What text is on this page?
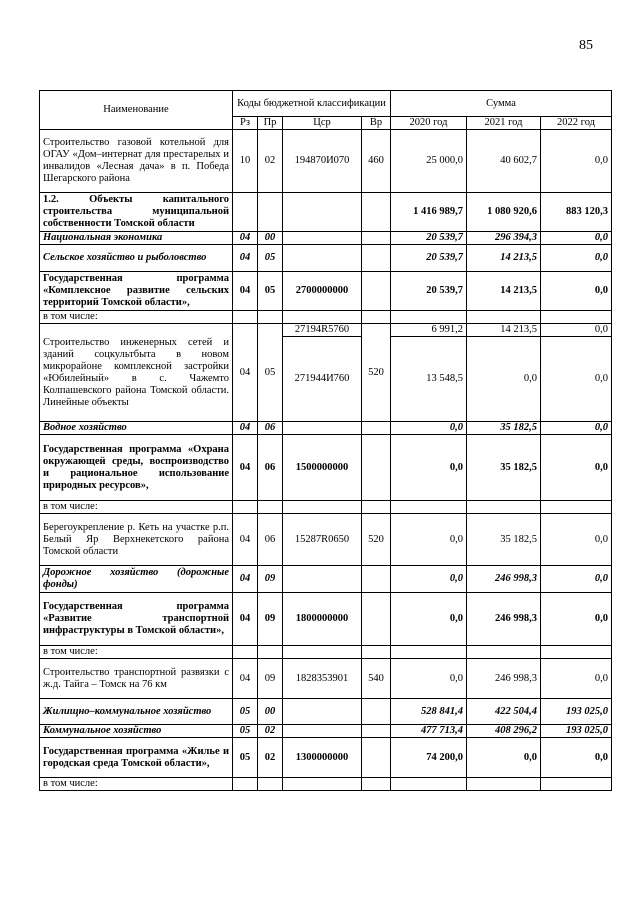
85
Наименование	Коды бюджетной классификации				Сумма		
	Рз	Пр	Цср	Вр	2020 год	2021 год	2022 год
Строительство газовой котельной для ОГАУ «Дом–интернат для престарелых и инвалидов «Лесная дача» в п. Победа Шегарского района	10	02	194870И070	460	25 000,0	40 602,7	0,0
1.2. Объекты капитального строительства муниципальной собственности Томской области					1 416 989,7	1 080 920,6	883 120,3
Национальная экономика	04	00			20 539,7	296 394,3	0,0
Сельское хозяйство и рыболовство	04	05			20 539,7	14 213,5	0,0
Государственная программа «Комплексное развитие сельских территорий Томской области»,	04	05	2700000000		20 539,7	14 213,5	0,0
в том числе:							
Строительство инженерных сетей и зданий соцкультбыта в новом микрорайоне комплексной застройки «Юбилейный» в с. Чажемто Колпашевского района Томской области. Линейные объекты	04	05	27194R5760	520	6 991,2	14 213,5	0,0
			271944И760		13 548,5	0,0	0,0
Водное хозяйство	04	06			0,0	35 182,5	0,0
Государственная программа «Охрана окружающей среды, воспроизводство и рациональное использование природных ресурсов»,	04	06	1500000000		0,0	35 182,5	0,0
в том числе:							
Берегоукрепление р. Кеть на участке р.п. Белый Яр Верхнекетского района Томской области	04	06	15287R0650	520	0,0	35 182,5	0,0
Дорожное хозяйство (дорожные фонды)	04	09			0,0	246 998,3	0,0
Государственная программа «Развитие транспортной инфраструктуры в Томской области»,	04	09	1800000000		0,0	246 998,3	0,0
в том числе:							
Строительство транспортной развязки с ж.д. Тайга – Томск на 76 км	04	09	1828353901	540	0,0	246 998,3	0,0
Жилищно–коммунальное хозяйство	05	00			528 841,4	422 504,4	193 025,0
Коммунальное хозяйство	05	02			477 713,4	408 296,2	193 025,0
Государственная программа «Жилье и городская среда Томской области»,	05	02	1300000000		74 200,0	0,0	0,0
в том числе:							
